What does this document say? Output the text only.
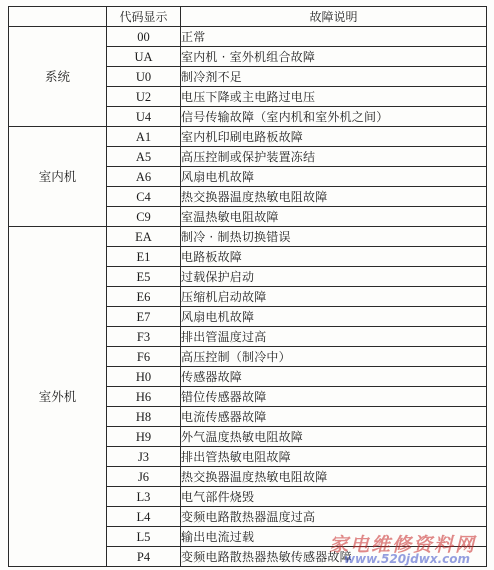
	代码显示	故障说明
系统	00	正常
	UA	室内机 · 室外机组合故障
	U0	制冷剂不足
	U2	电压下降或主电路过电压
	U4	信号传输故障（室内机和室外机之间）
室内机	A1	室内机印刷电路板故障
	A5	高压控制或保护装置冻结
	A6	风扇电机故障
	C4	热交换器温度热敏电阻故障
	C9	室温热敏电阻故障
室外机	EA	制冷 · 制热切换错误
	E1	电路板故障
	E5	过载保护启动
	E6	压缩机启动故障
	E7	风扇电机故障
	F3	排出管温度过高
	F6	高压控制（制冷中）
	H0	传感器故障
	H6	错位传感器故障
	H8	电流传感器故障
	H9	外气温度热敏电阻故障
	J3	排出管热敏电阻故障
	J6	热交换器温度热敏电阻故障
	L3	电气部件烧毁
	L4	变频电路散热器温度过高
	L5	输出电流过载
	P4	变频电路散热器热敏传感器故障
家电维修资料网
www.520jdwx.com
